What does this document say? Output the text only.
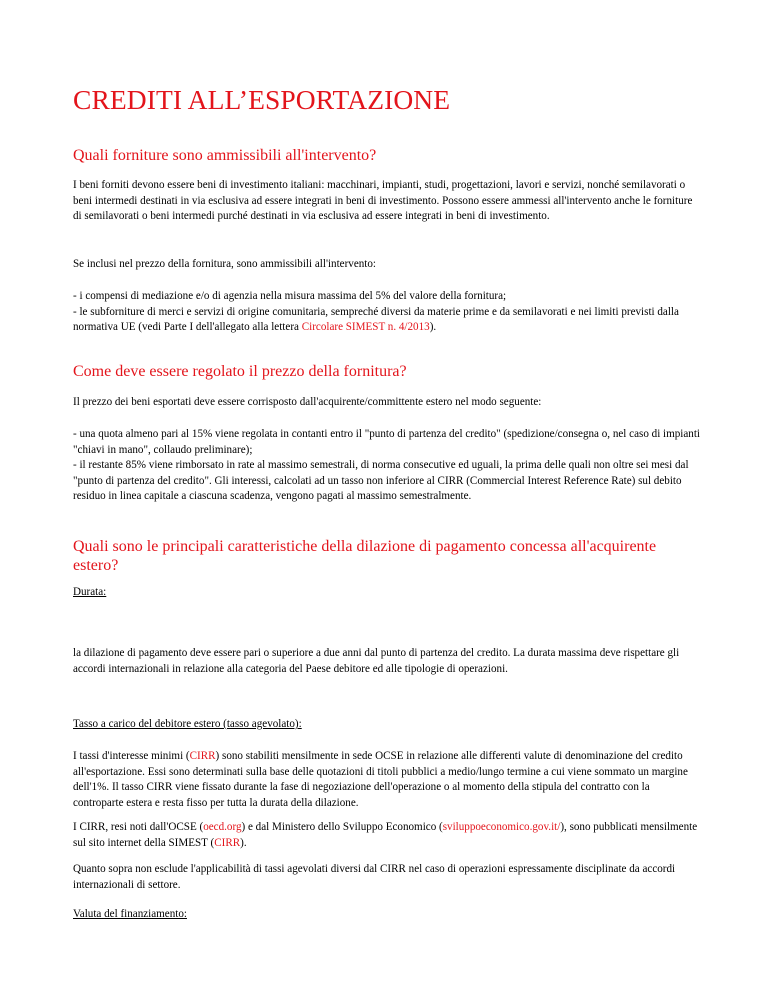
CREDITI ALL’ESPORTAZIONE
Quali forniture sono ammissibili all'intervento?

I beni forniti devono essere beni di investimento italiani: macchinari, impianti, studi, progettazioni, lavori e servizi, nonché semilavorati o beni intermedi destinati in via esclusiva ad essere integrati in beni di investimento. Possono essere ammessi all'intervento anche le forniture di semilavorati o beni intermedi purché destinati in via esclusiva ad essere integrati in beni di investimento.

Se inclusi nel prezzo della fornitura, sono ammissibili all'intervento:

- i compensi di mediazione e/o di agenzia nella misura massima del 5% del valore della fornitura;
- le subforniture di merci e servizi di origine comunitaria, sempreché diversi da materie prime e da semilavorati e nei limiti previsti dalla normativa UE (vedi Parte I dell'allegato alla lettera Circolare SIMEST n. 4/2013).

Come deve essere regolato il prezzo della fornitura?

Il prezzo dei beni esportati deve essere corrisposto dall'acquirente/committente estero nel modo seguente:

- una quota almeno pari al 15% viene regolata in contanti entro il "punto di partenza del credito" (spedizione/consegna o, nel caso di impianti "chiavi in mano", collaudo preliminare);
- il restante 85% viene rimborsato in rate al massimo semestrali, di norma consecutive ed uguali, la prima delle quali non oltre sei mesi dal "punto di partenza del credito". Gli interessi, calcolati ad un tasso non inferiore al CIRR (Commercial Interest Reference Rate) sul debito residuo in linea capitale a ciascuna scadenza, vengono pagati al massimo semestralmente.

Quali sono le principali caratteristiche della dilazione di pagamento concessa all'acquirente estero?

Durata:

la dilazione di pagamento deve essere pari o superiore a due anni dal punto di partenza del credito. La durata massima deve rispettare gli accordi internazionali in relazione alla categoria del Paese debitore ed alle tipologie di operazioni.

Tasso a carico del debitore estero (tasso agevolato):

I tassi d'interesse minimi (CIRR) sono stabiliti mensilmente in sede OCSE in relazione alle differenti valute di denominazione del credito all'esportazione. Essi sono determinati sulla base delle quotazioni di titoli pubblici a medio/lungo termine a cui viene sommato un margine dell'1%. Il tasso CIRR viene fissato durante la fase di negoziazione dell'operazione o al momento della stipula del contratto con la controparte estera e resta fisso per tutta la durata della dilazione.

I CIRR, resi noti dall'OCSE (oecd.org) e dal Ministero dello Sviluppo Economico (sviluppoeconomico.gov.it/), sono pubblicati mensilmente sul sito internet della SIMEST (CIRR).

Quanto sopra non esclude l'applicabilità di tassi agevolati diversi dal CIRR nel caso di operazioni espressamente disciplinate da accordi internazionali di settore.

Valuta del finanziamento:
